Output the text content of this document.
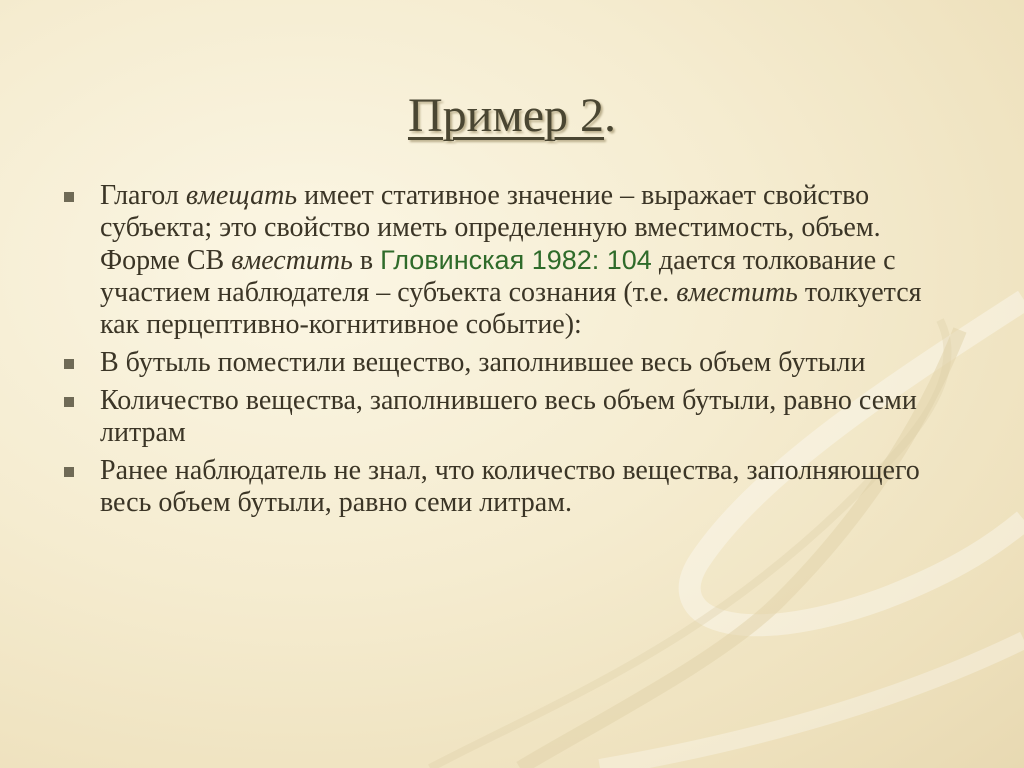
Пример 2.
Глагол вмещать имеет стативное значение – выражает свойство субъекта; это свойство иметь определенную вместимость, объем. Форме СВ вместить в Гловинская 1982: 104 дается толкование с участием наблюдателя – субъекта сознания (т.е. вместить толкуется как перцептивно-когнитивное событие):
В бутыль поместили вещество, заполнившее весь объем бутыли
Количество вещества, заполнившего весь объем бутыли, равно семи литрам
Ранее наблюдатель не знал, что количество вещества, заполняющего весь объем бутыли, равно семи литрам.
